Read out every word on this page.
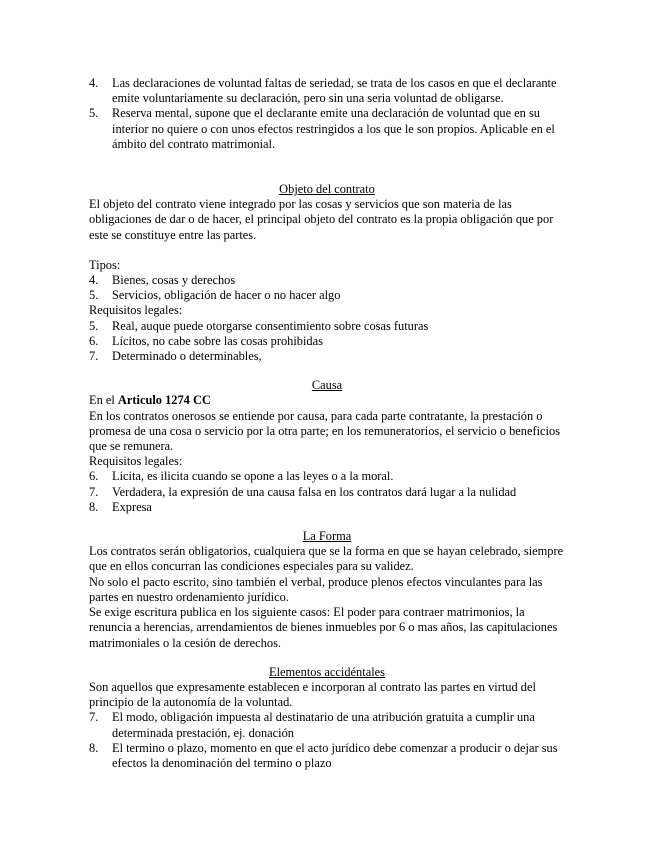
4. Las declaraciones de voluntad faltas de seriedad, se trata de los casos en que el declarante emite voluntariamente su declaración, pero sin una seria voluntad de obligarse.
5. Reserva mental, supone que el declarante emite una declaración de voluntad que en su interior no quiere o con unos efectos restringidos a los que le son propios. Aplicable en el ámbito del contrato matrimonial.

Objeto del contrato

El objeto del contrato viene integrado por las cosas y servicios que son materia de las obligaciones de dar o de hacer, el principal objeto del contrato es la propia obligación que por este se constituye entre las partes.

Tipos:

4. Bienes, cosas y derechos
5. Servicios, obligación de hacer o no hacer algo

Requisitos legales:

5. Real, auque puede otorgarse consentimiento sobre cosas futuras
6. Lícitos, no cabe sobre las cosas prohibidas
7. Determinado o determinables,

Causa

En el Articulo 1274 CC

En los contratos onerosos se entiende por causa, para cada parte contratante, la prestación o promesa de una cosa o servicio por la otra parte; en los remuneratorios, el servicio o beneficios que se remunera.

Requisitos legales:

6. Licita, es ilicita cuando se opone a las leyes o a la moral.
7. Verdadera, la expresión de una causa falsa en los contratos dará lugar a la nulidad
8. Expresa

La Forma

Los contratos serán obligatorios, cualquiera que se la forma en que se hayan celebrado, siempre que en ellos concurran las condiciones especiales para su validez.

No solo el pacto escrito, sino también el verbal, produce plenos efectos vinculantes para las partes en nuestro ordenamiento jurídico.

Se exige escritura publica en los siguiente casos: El poder para contraer matrimonios, la renuncia a herencias, arrendamientos de bienes inmuebles por 6 o mas años, las capitulaciones matrimoniales o la cesión de derechos.

Elementos accidéntales

Son aquellos que expresamente establecen e incorporan al contrato las partes en virtud del principio de la autonomía de la voluntad.

7. El modo, obligación impuesta al destinatario de una atribución gratuita a cumplir una determinada prestación, ej. donación
8. El termino o plazo, momento en que el acto jurídico debe comenzar a producir o dejar sus efectos la denominación del termino o plazo
